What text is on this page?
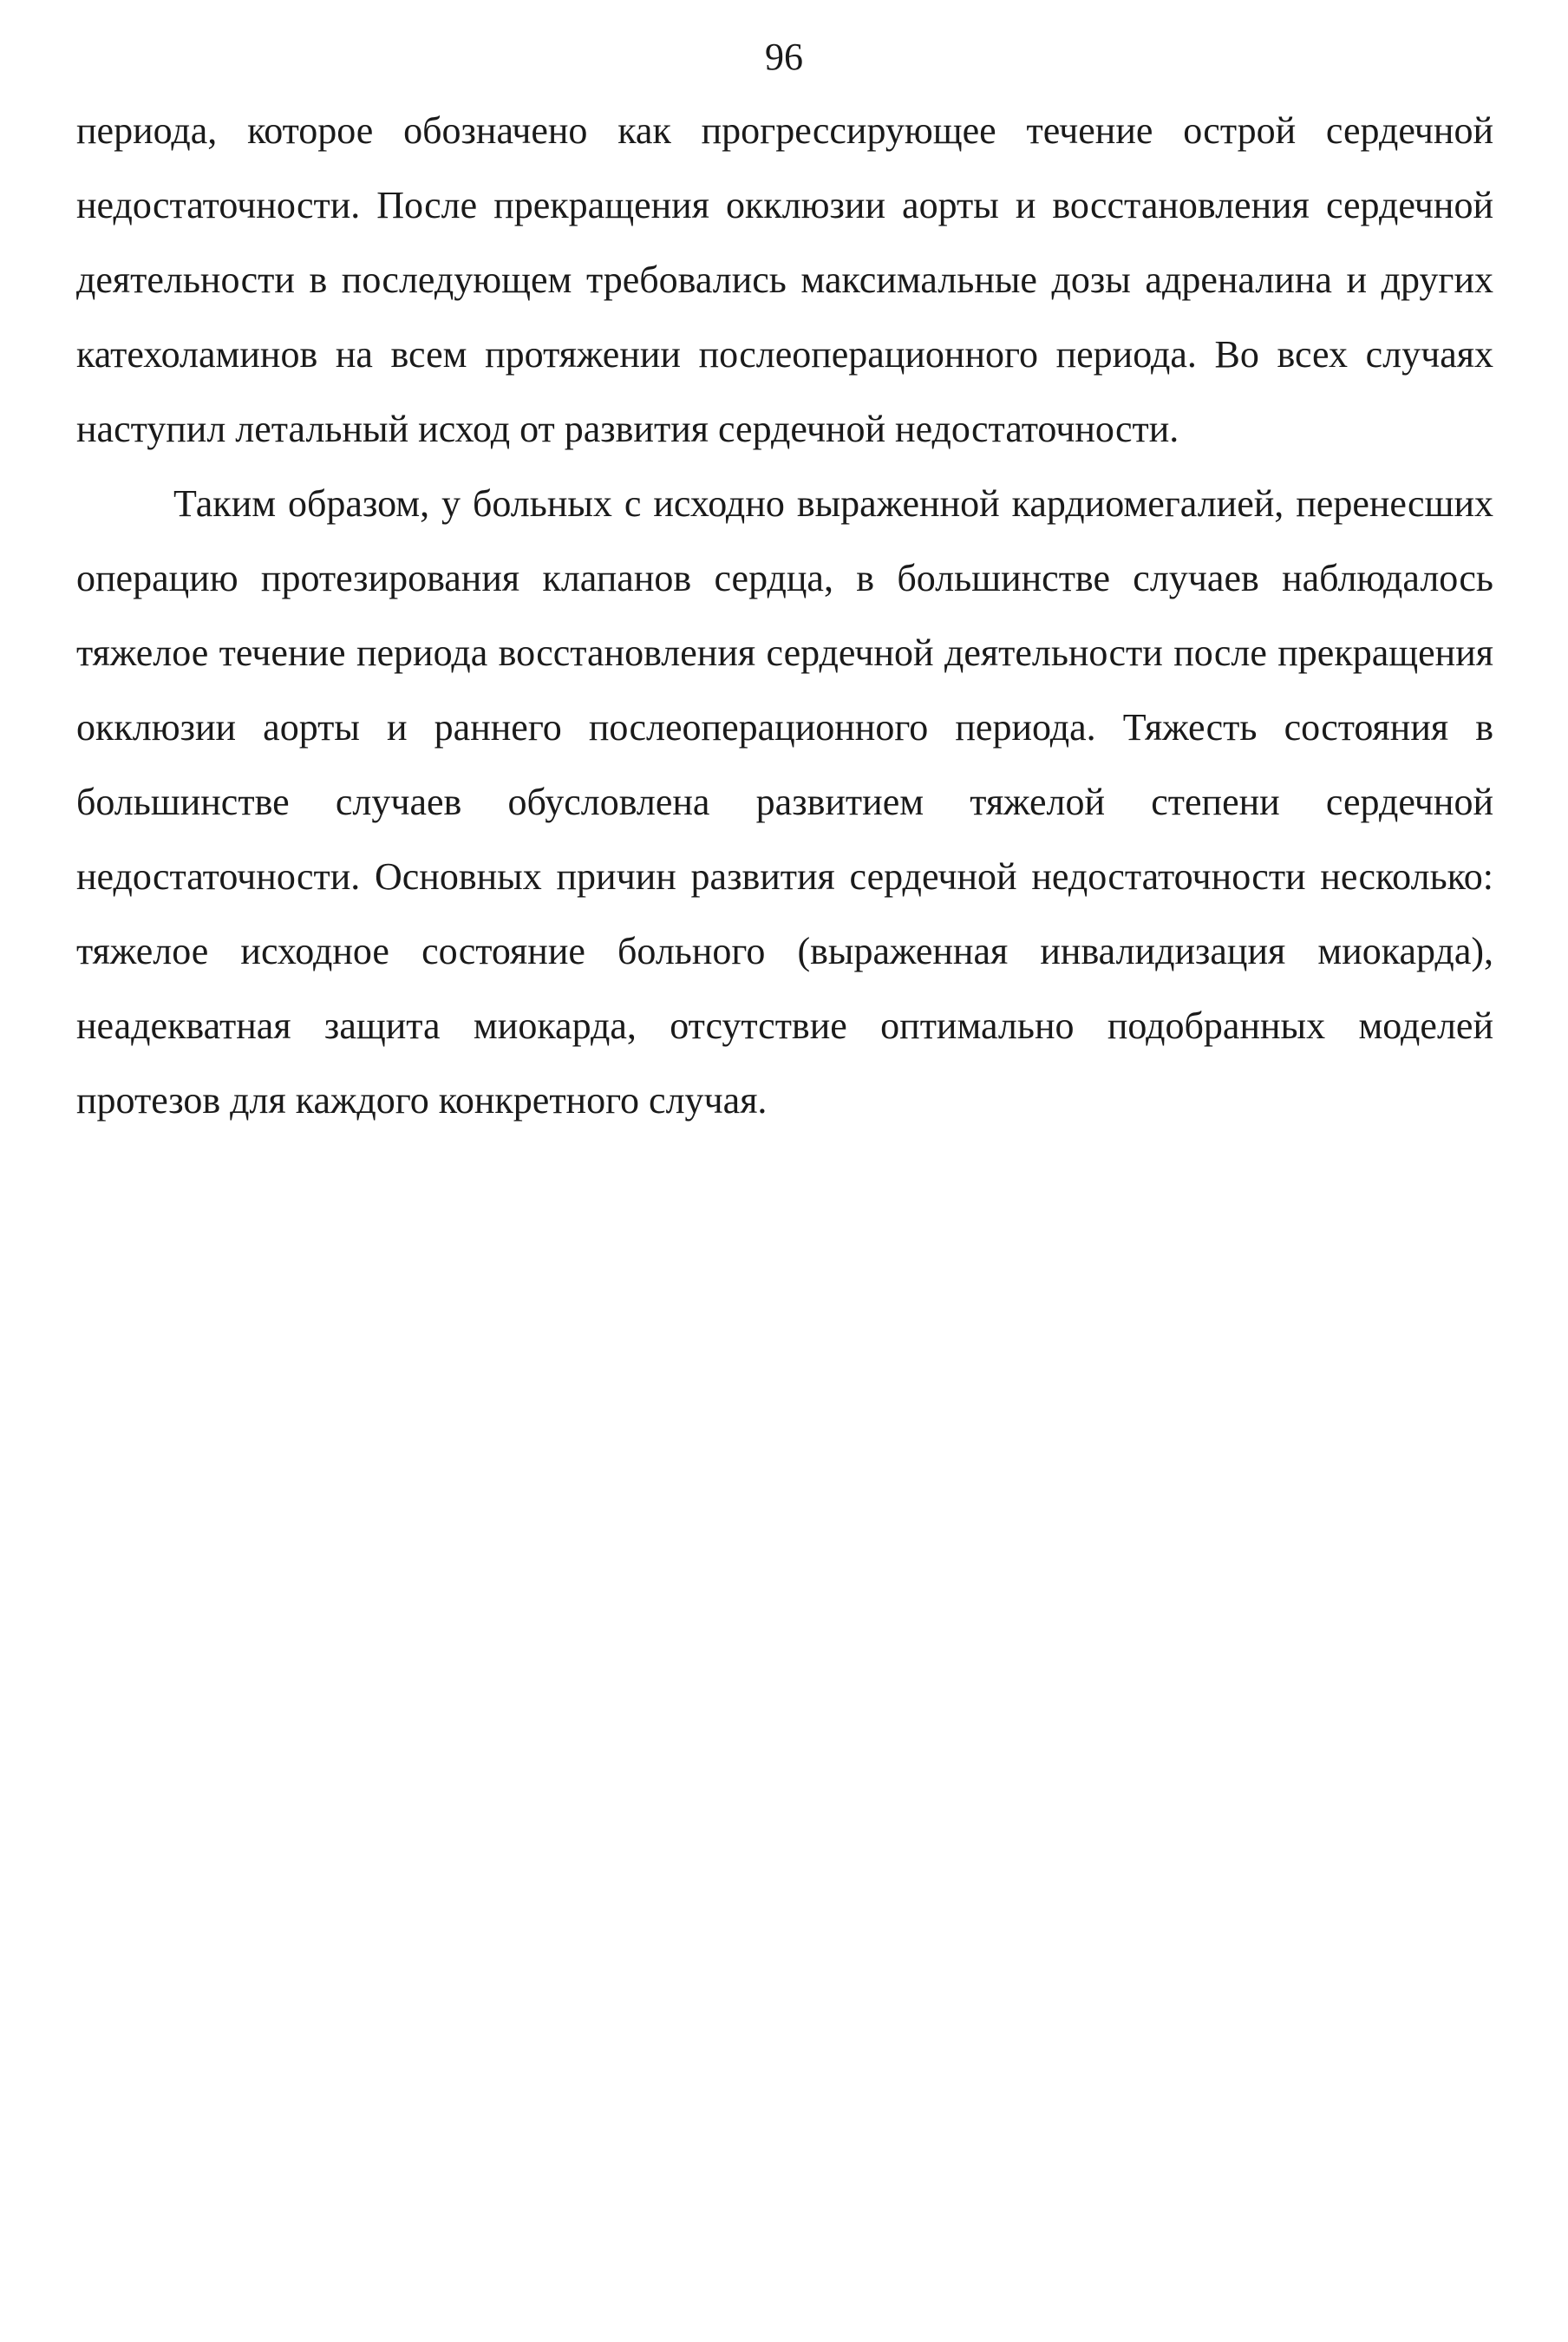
96

периода, которое обозначено как прогрессирующее течение острой сердечной недостаточности. После прекращения окклюзии аорты и восстановления сердечной деятельности в последующем требовались максимальные дозы адреналина и других катехоламинов на всем протяжении послеоперационного периода. Во всех случаях наступил летальный исход от развития сердечной недостаточности.

Таким образом, у больных с исходно выраженной кардиомегалией, перенесших операцию протезирования клапанов сердца, в большинстве случаев наблюдалось тяжелое течение периода восстановления сердечной деятельности после прекращения окклюзии аорты и раннего послеоперационного периода. Тяжесть состояния в большинстве случаев обусловлена развитием тяжелой степени сердечной недостаточности. Основных причин развития сердечной недостаточности несколько: тяжелое исходное состояние больного (выраженная инвалидизация миокарда), неадекватная защита миокарда, отсутствие оптимально подобранных моделей протезов для каждого конкретного случая.
